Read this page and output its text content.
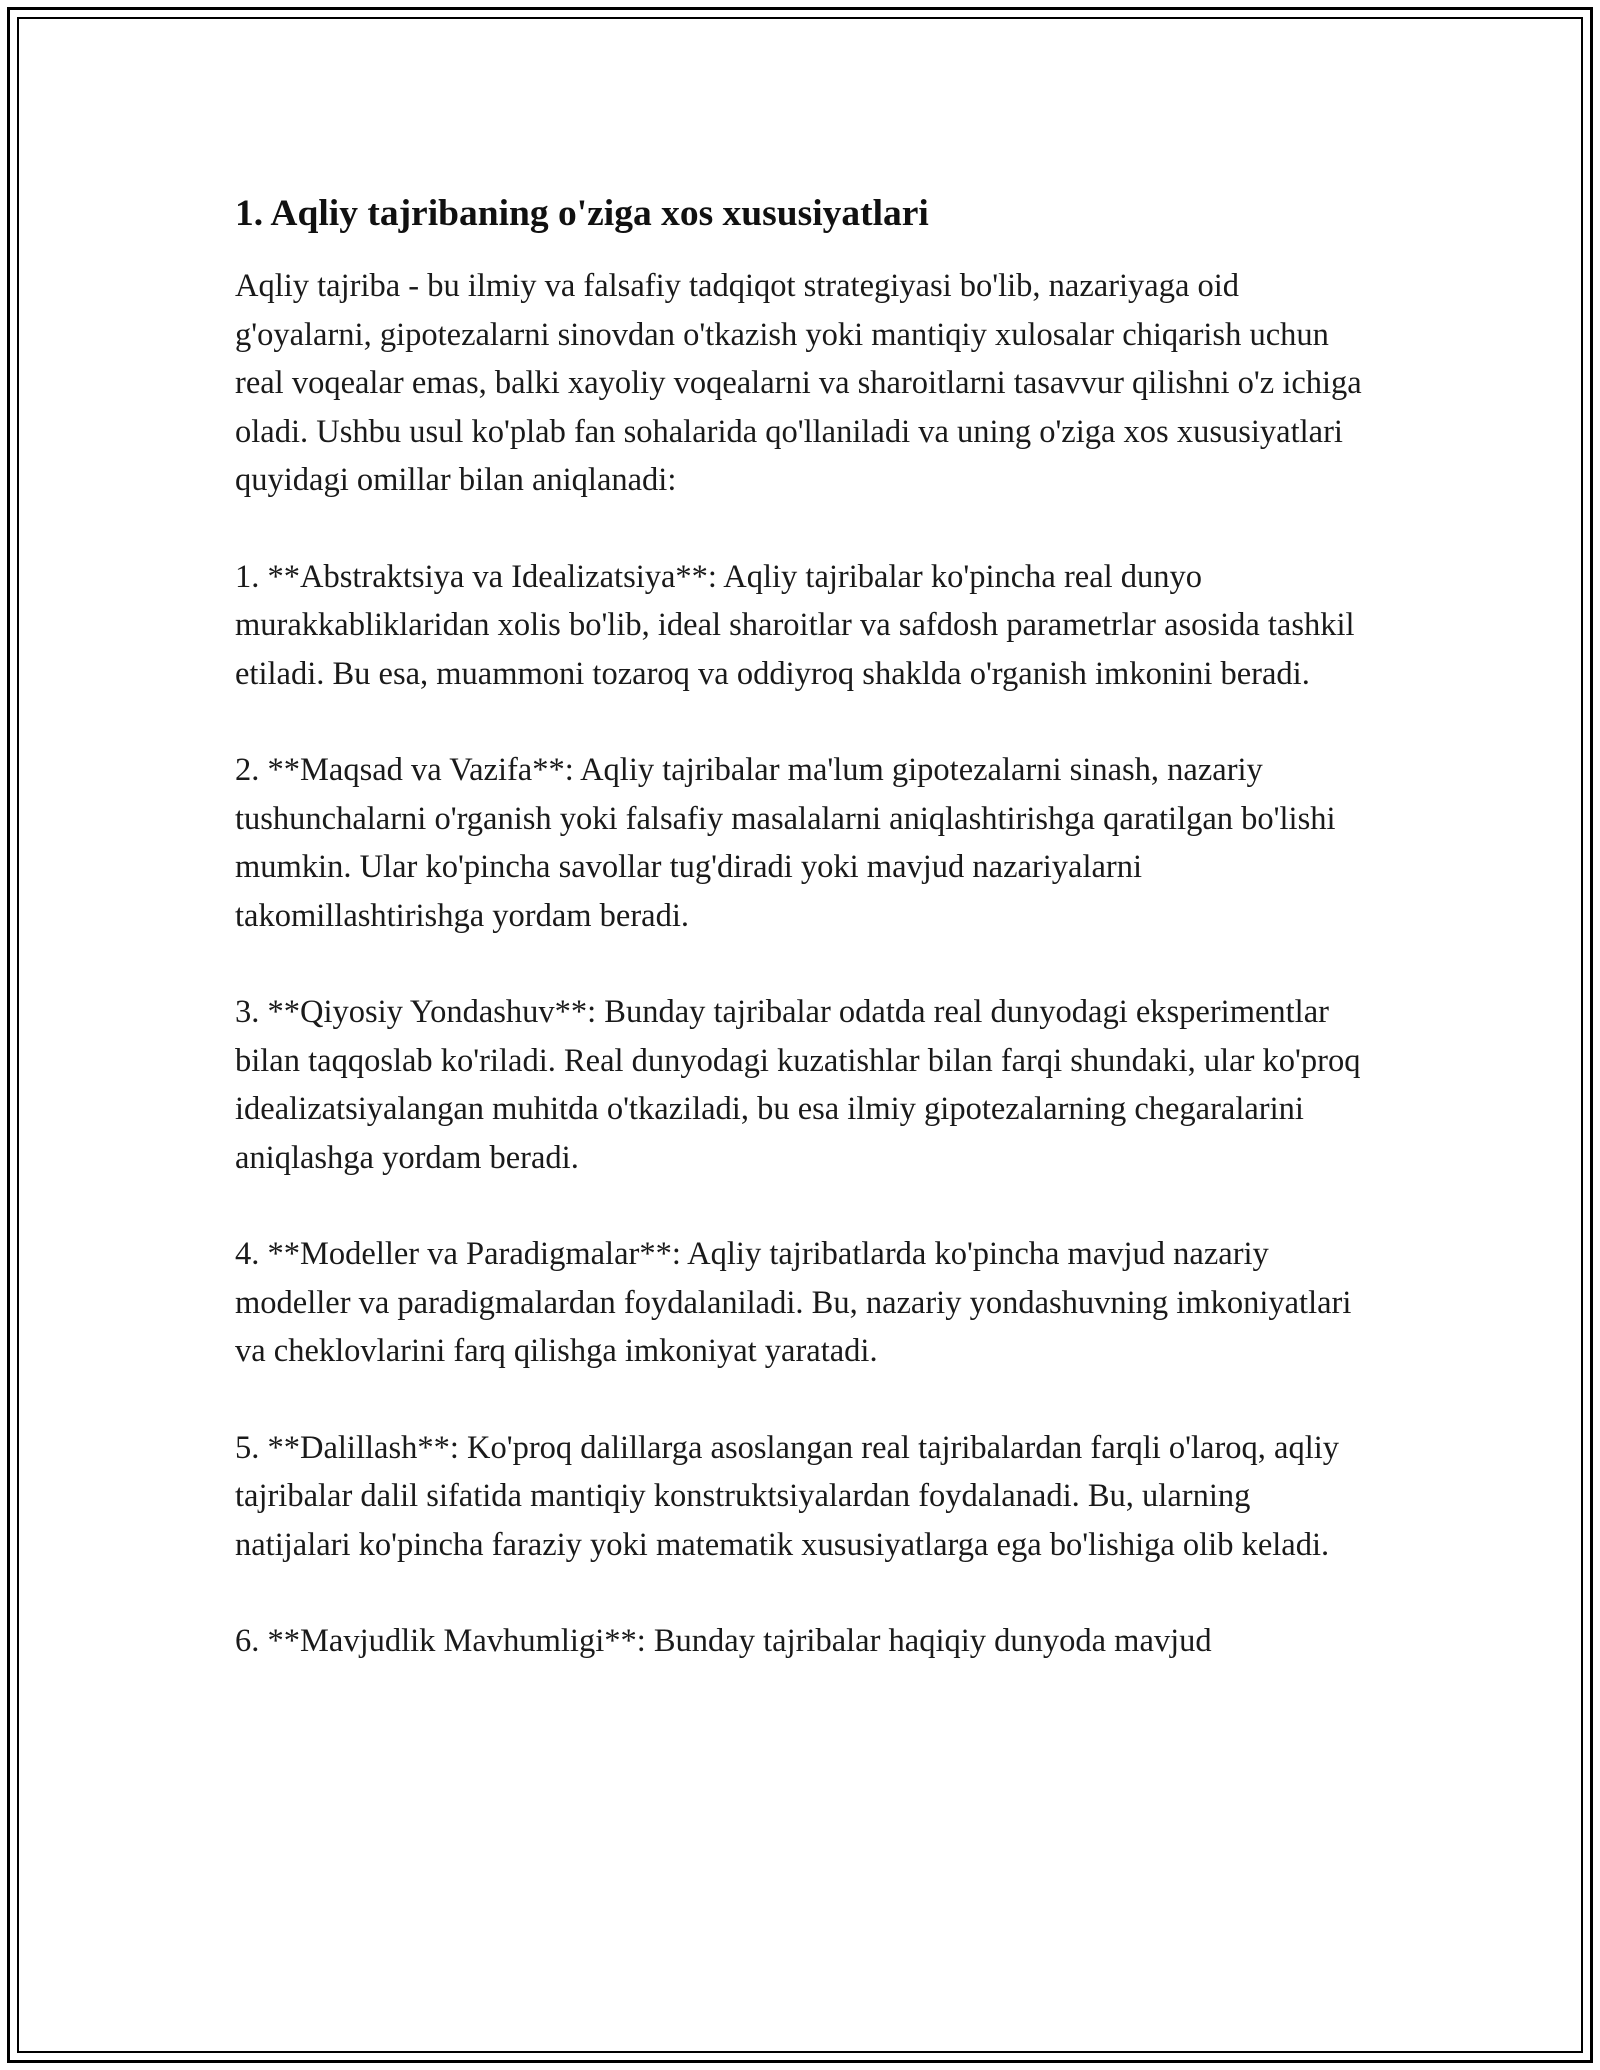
1. Aqliy tajribaning o'ziga xos xususiyatlari

Aqliy tajriba - bu ilmiy va falsafiy tadqiqot strategiyasi bo'lib, nazariyaga oid g'oyalarni, gipotezalarni sinovdan o'tkazish yoki mantiqiy xulosalar chiqarish uchun real voqealar emas, balki xayoliy voqealarni va sharoitlarni tasavvur qilishni o'z ichiga oladi. Ushbu usul ko'plab fan sohalarida qo'llaniladi va uning o'ziga xos xususiyatlari quyidagi omillar bilan aniqlanadi:

1. **Abstraktsiya va Idealizatsiya**: Aqliy tajribalar ko'pincha real dunyo murakkabliklaridan xolis bo'lib, ideal sharoitlar va safdosh parametrlar asosida tashkil etiladi. Bu esa, muammoni tozaroq va oddiyroq shaklda o'rganish imkonini beradi.

2. **Maqsad va Vazifa**: Aqliy tajribalar ma'lum gipotezalarni sinash, nazariy tushunchalarni o'rganish yoki falsafiy masalalarni aniqlashtirishga qaratilgan bo'lishi mumkin. Ular ko'pincha savollar tug'diradi yoki mavjud nazariyalarni takomillashtirishga yordam beradi.

3. **Qiyosiy Yondashuv**: Bunday tajribalar odatda real dunyodagi eksperimentlar bilan taqqoslab ko'riladi. Real dunyodagi kuzatishlar bilan farqi shundaki, ular ko'proq idealizatsiyalangan muhitda o'tkaziladi, bu esa ilmiy gipotezalarning chegaralarini aniqlashga yordam beradi.

4. **Modeller va Paradigmalar**: Aqliy tajribatlarda ko'pincha mavjud nazariy modeller va paradigmalardan foydalaniladi. Bu, nazariy yondashuvning imkoniyatlari va cheklovlarini farq qilishga imkoniyat yaratadi.

5. **Dalillash**: Ko'proq dalillarga asoslangan real tajribalardan farqli o'laroq, aqliy tajribalar dalil sifatida mantiqiy konstruktsiyalardan foydalanadi. Bu, ularning natijalari ko'pincha faraziy yoki matematik xususiyatlarga ega bo'lishiga olib keladi.

6. **Mavjudlik Mavhumligi**: Bunday tajribalar haqiqiy dunyoda mavjud
